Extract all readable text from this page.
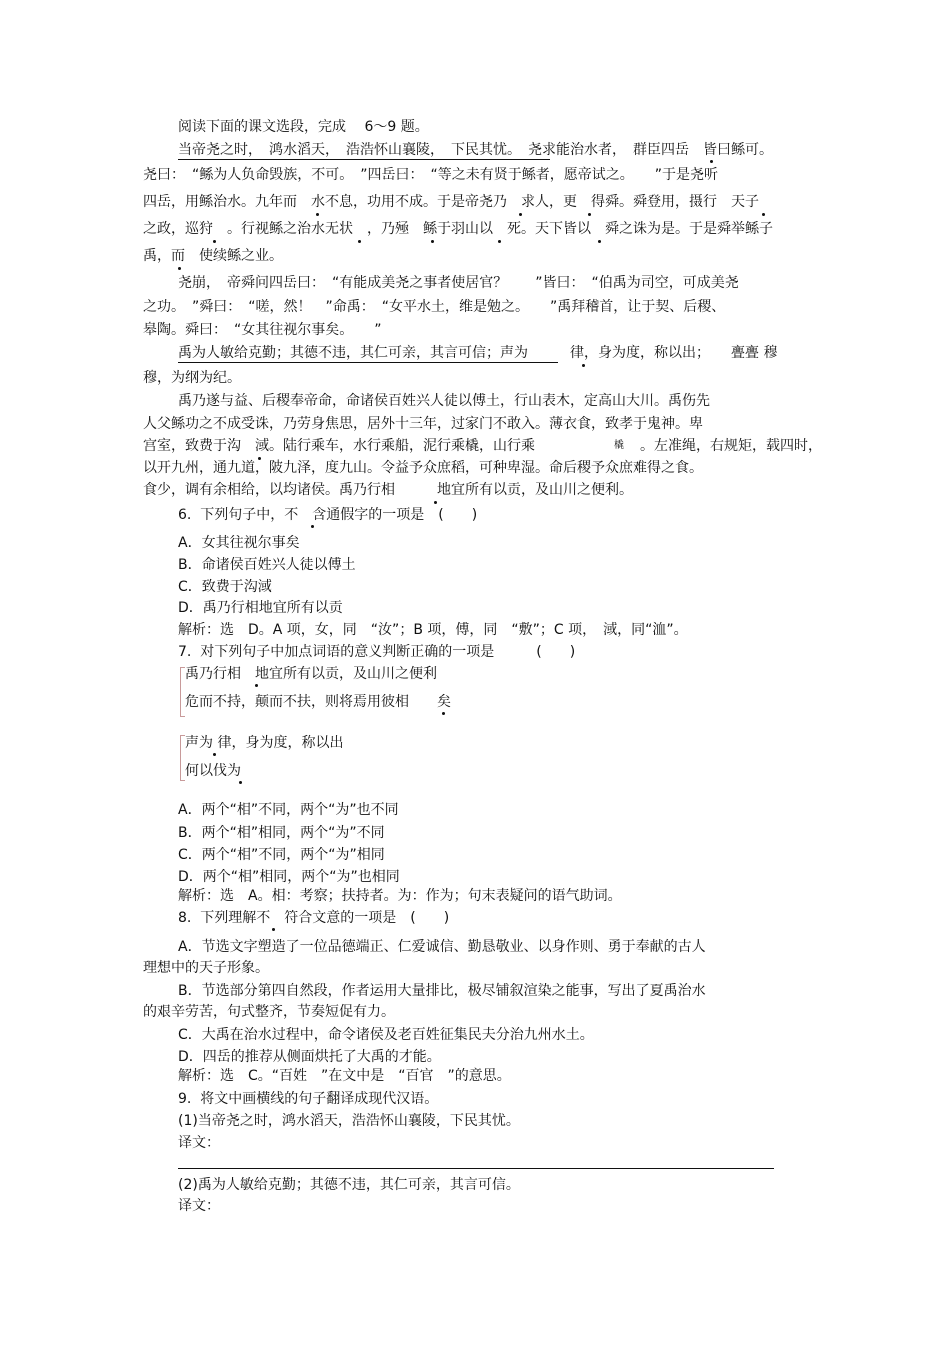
阅读下面的课文选段，完成　 6～9 题。
当帝尧之时，　鸿水滔天，　浩浩怀山襄陵，　下民其忧。　尧求能治水者，　群臣四岳　皆曰鲧可。
尧曰：　“鲧为人负命毁族，不可。　”四岳曰：　“等之未有贤于鲧者，愿帝试之。　　”于是尧听
四岳，用鲧治水。九年而　水不息，功用不成。于是帝尧乃　求人，更　得舜。舜登用，摄行　天子
之政，巡狩　。行视鲧之治水无状　，乃殛　鲧于羽山以　死。天下皆以　舜之诛为是。于是舜举鲧子
禹，而　使续鲧之业。
尧崩，　帝舜问四岳曰：　“有能成美尧之事者使居官？　　”皆曰：　“伯禹为司空，可成美尧
之功。　”舜曰：　“嗟，然！　”命禹：　“女平水土，维是勉之。　　”禹拜稽首，让于契、后稷、
皋陶。舜曰：　“女其往视尔事矣。　　”
禹为人敏给克勤；其德不违，其仁可亲，其言可信；声为　　　律，身为度，称以出；　　亹亹 穆
穆，为纲为纪。
禹乃遂与益、后稷奉帝命，命诸侯百姓兴人徒以傅土，行山表木，定高山大川。禹伤先
人父鲧功之不成受诛，乃劳身焦思，居外十三年，过家门不敢入。薄衣食，致孝于鬼神。卑
宫室，致费于沟　淢。陆行乘车，水行乘船，泥行乘橇，山行乘　　	橇 。左准绳，右规矩，载四时，
以开九州，通九道，陂九泽，度九山。令益予众庶稻，可种卑湿。命后稷予众庶难得之食。
食少，调有余相给，以均诸侯。禹乃行相　　　地宜所有以贡，及山川之便利。
6.  下列句子中，不　含通假字的一项是　(　　)
A．女其往视尔事矣
B．命诸侯百姓兴人徒以傅土
C．致费于沟淢
D．禹乃行相地宜所有以贡
解析：选　D。A 项，女，同　“汝”；B 项，傅，同　“敷”；C 项，　淢，同“洫”。
7.  对下列句子中加点词语的意义判断正确的一项是　　　(　　)
禹乃行相　地宜所有以贡，及山川之便利
危而不持，颠而不扶，则将焉用彼相　　矣
声为 律，身为度，称以出
何以伐为
A．两个“相”不同，两个“为”也不同
B．两个“相”相同，两个“为”不同
C．两个“相”不同，两个“为”相同
D．两个“相”相同，两个“为”也相同
解析：选　A。相：考察；扶持者。为：作为；句末表疑问的语气助词。
8.  下列理解不　符合文意的一项是　(　　)
A．节选文字塑造了一位品德端正、仁爱诚信、勤恳敬业、以身作则、勇于奉献的古人
理想中的天子形象。
B．节选部分第四自然段，作者运用大量排比，极尽铺叙渲染之能事，写出了夏禹治水
的艰辛劳苦，句式整齐，节奏短促有力。
C．大禹在治水过程中，命令诸侯及老百姓征集民夫分治九州水土。
D．四岳的推荐从侧面烘托了大禹的才能。
解析：选　C。“百姓　”在文中是　“百官　”的意思。
9.  将文中画横线的句子翻译成现代汉语。
(1)当帝尧之时，鸿水滔天，浩浩怀山襄陵，下民其忧。
译文：
(2)禹为人敏给克勤；其德不违，其仁可亲，其言可信。
译文：
